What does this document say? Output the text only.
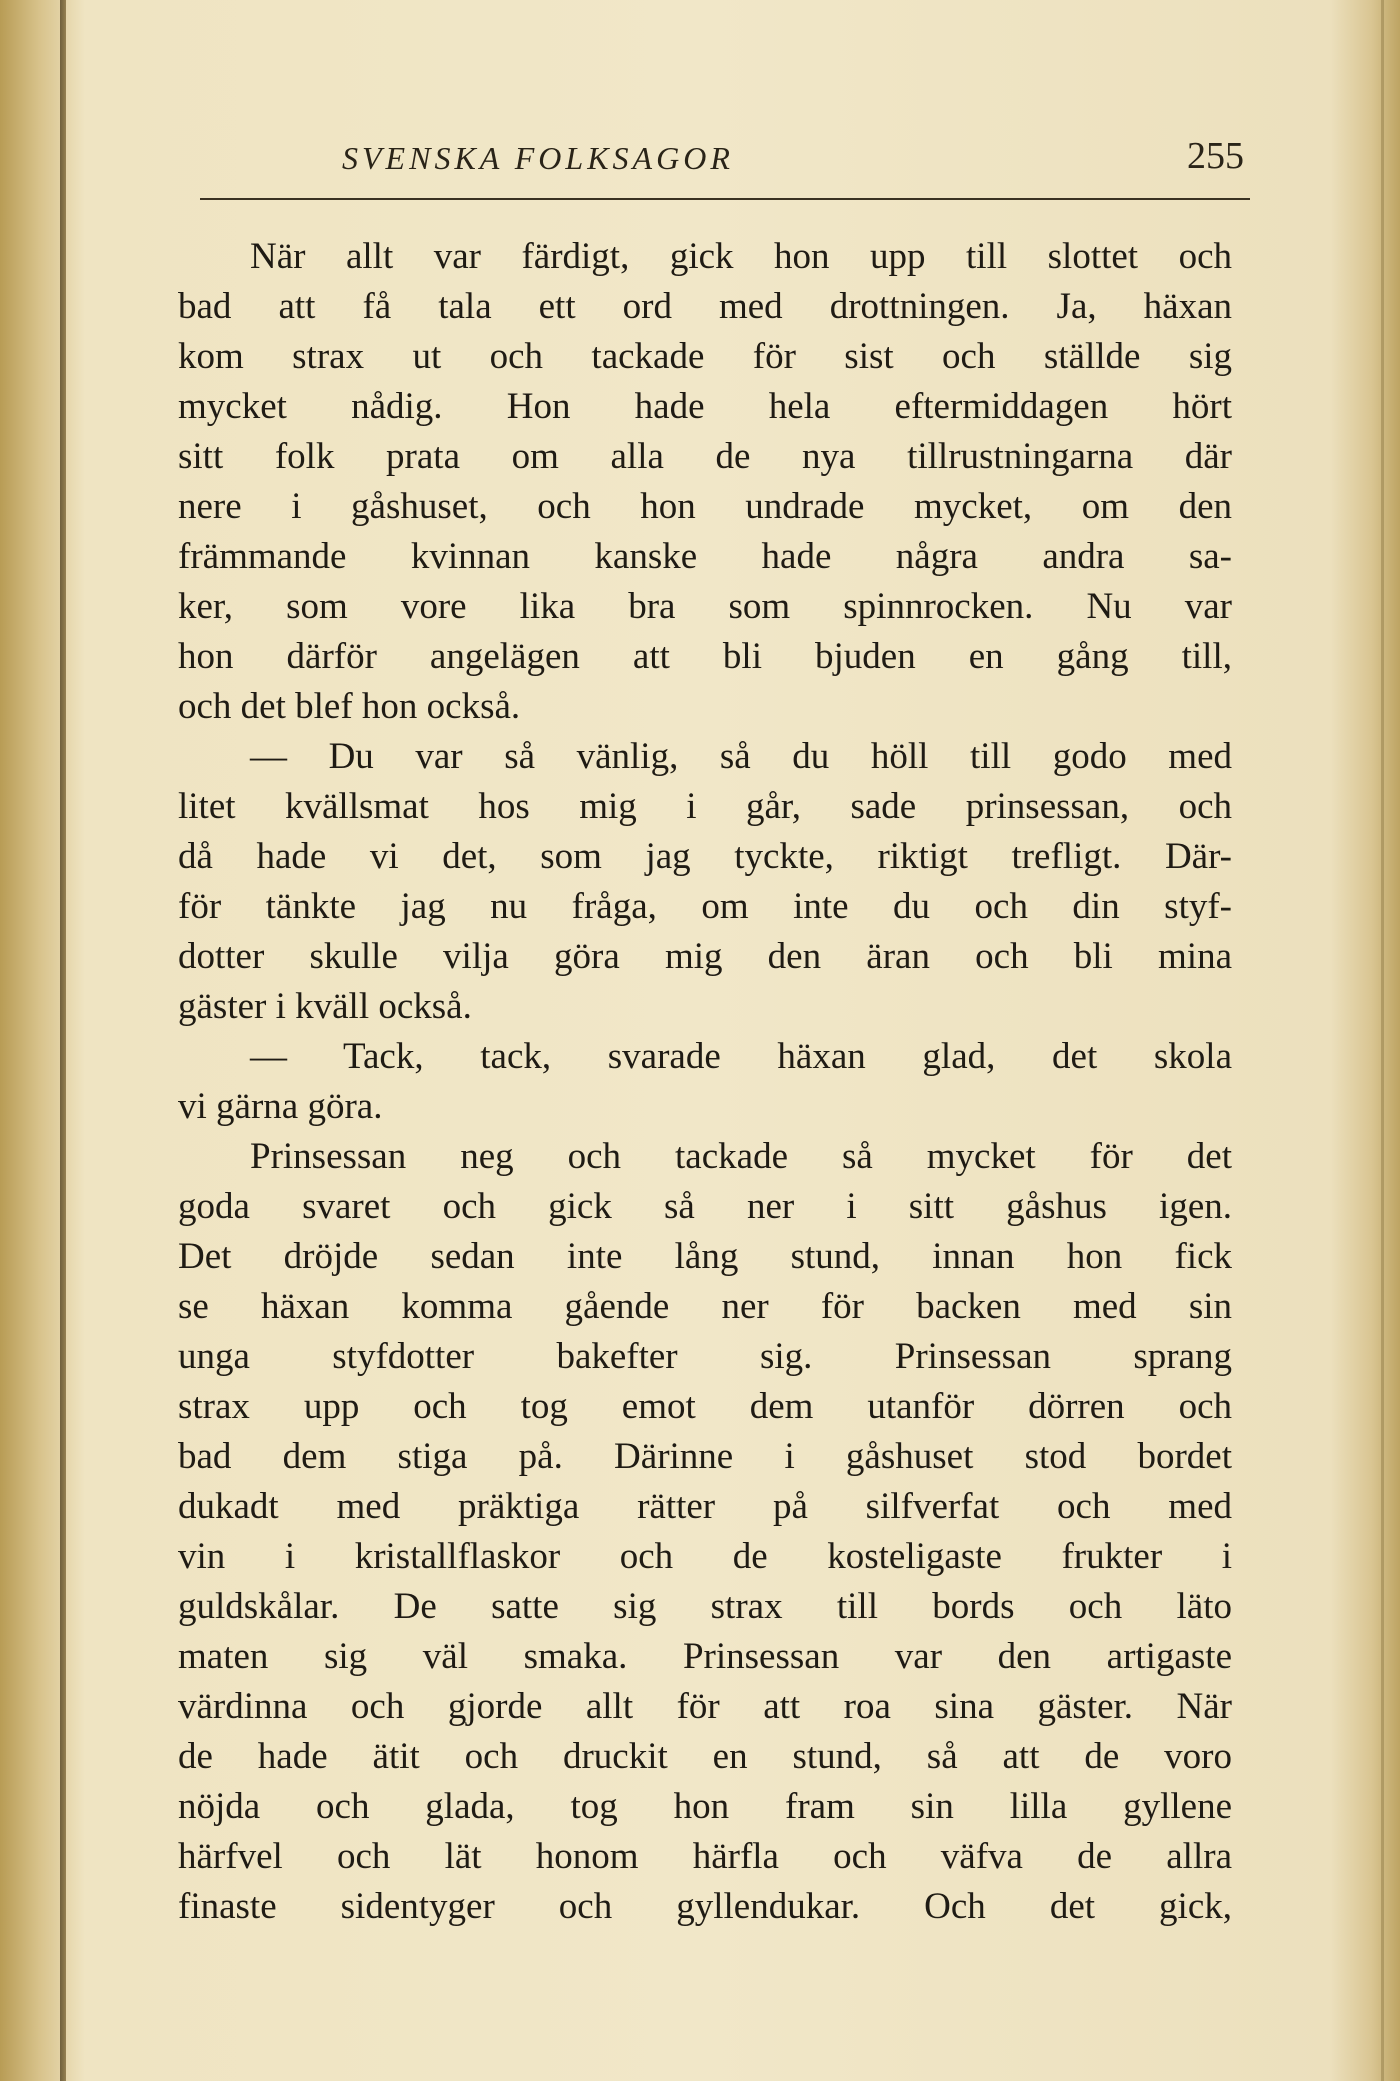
SVENSKA FOLKSAGOR	255
När allt var färdigt, gick hon upp till slottet och
bad att få tala ett ord med drottningen. Ja, häxan
kom strax ut och tackade för sist och ställde sig
mycket nådig. Hon hade hela eftermiddagen hört
sitt folk prata om alla de nya tillrustningarna där
nere i gåshuset, och hon undrade mycket, om den
främmande kvinnan kanske hade några andra sa-
ker, som vore lika bra som spinnrocken. Nu var
hon därför angelägen att bli bjuden en gång till,
och det blef hon också.
— Du var så vänlig, så du höll till godo med
litet kvällsmat hos mig i går, sade prinsessan, och
då hade vi det, som jag tyckte, riktigt trefligt. Där-
för tänkte jag nu fråga, om inte du och din styf-
dotter skulle vilja göra mig den äran och bli mina
gäster i kväll också.
— Tack, tack, svarade häxan glad, det skola
vi gärna göra.
Prinsessan neg och tackade så mycket för det
goda svaret och gick så ner i sitt gåshus igen.
Det dröjde sedan inte lång stund, innan hon fick
se häxan komma gående ner för backen med sin
unga styfdotter bakefter sig. Prinsessan sprang
strax upp och tog emot dem utanför dörren och
bad dem stiga på. Därinne i gåshuset stod bordet
dukadt med präktiga rätter på silfverfat och med
vin i kristallflaskor och de kosteligaste frukter i
guldskålar. De satte sig strax till bords och läto
maten sig väl smaka. Prinsessan var den artigaste
värdinna och gjorde allt för att roa sina gäster. När
de hade ätit och druckit en stund, så att de voro
nöjda och glada, tog hon fram sin lilla gyllene
härfvel och lät honom härfla och väfva de allra
finaste sidentyger och gyllendukar. Och det gick,
